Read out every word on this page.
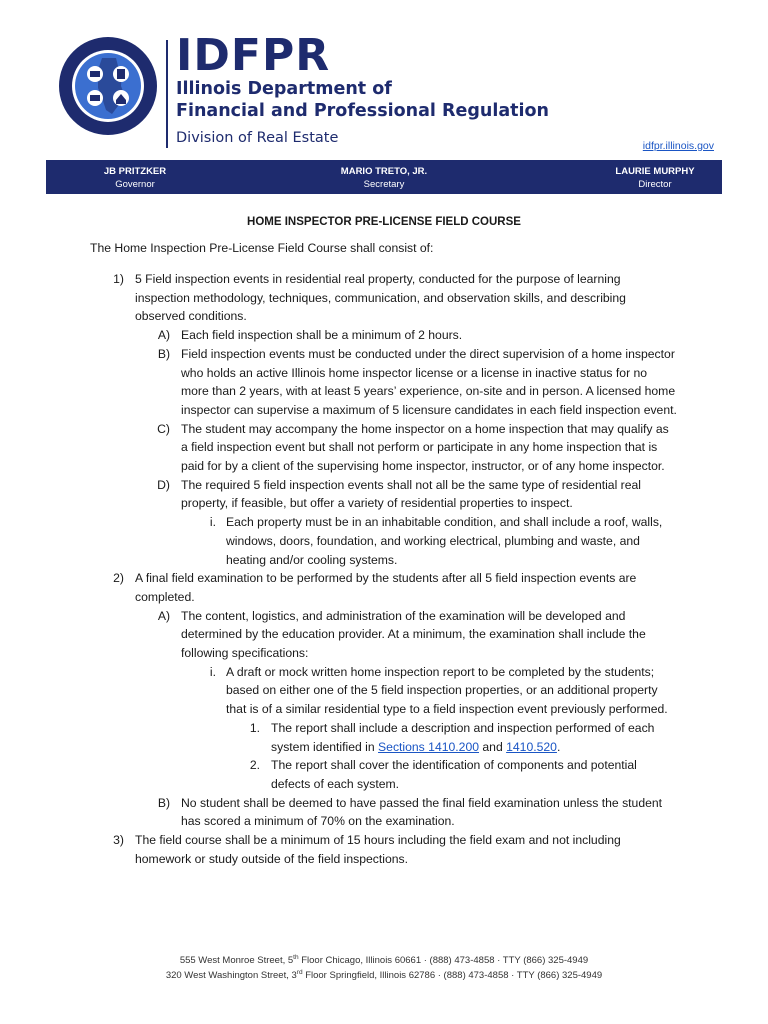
IDFPR
Illinois Department of
Financial and Professional Regulation
Division of Real Estate	idfpr.illinois.gov
JB PRITZKER
Governor
MARIO TRETO, JR.
Secretary
LAURIE MURPHY
Director
HOME INSPECTOR PRE-LICENSE FIELD COURSE
The Home Inspection Pre-License Field Course shall consist of:
1) 5 Field inspection events in residential real property, conducted for the purpose of learning inspection methodology, techniques, communication, and observation skills, and describing observed conditions.
A) Each field inspection shall be a minimum of 2 hours.
B) Field inspection events must be conducted under the direct supervision of a home inspector who holds an active Illinois home inspector license or a license in inactive status for no more than 2 years, with at least 5 years’ experience, on-site and in person. A licensed home inspector can supervise a maximum of 5 licensure candidates in each field inspection event.
C) The student may accompany the home inspector on a home inspection that may qualify as a field inspection event but shall not perform or participate in any home inspection that is paid for by a client of the supervising home inspector, instructor, or of any home inspector.
D) The required 5 field inspection events shall not all be the same type of residential real property, if feasible, but offer a variety of residential properties to inspect.
i. Each property must be in an inhabitable condition, and shall include a roof, walls, windows, doors, foundation, and working electrical, plumbing and waste, and heating and/or cooling systems.
2) A final field examination to be performed by the students after all 5 field inspection events are completed.
A) The content, logistics, and administration of the examination will be developed and determined by the education provider. At a minimum, the examination shall include the following specifications:
i. A draft or mock written home inspection report to be completed by the students; based on either one of the 5 field inspection properties, or an additional property that is of a similar residential type to a field inspection event previously performed.
1. The report shall include a description and inspection performed of each system identified in Sections 1410.200 and 1410.520.
2. The report shall cover the identification of components and potential defects of each system.
B) No student shall be deemed to have passed the final field examination unless the student has scored a minimum of 70% on the examination.
3) The field course shall be a minimum of 15 hours including the field exam and not including homework or study outside of the field inspections.
555 West Monroe Street, 5th Floor Chicago, Illinois 60661 · (888) 473-4858 · TTY (866) 325-4949
320 West Washington Street, 3rd Floor Springfield, Illinois 62786 · (888) 473-4858 · TTY (866) 325-4949
